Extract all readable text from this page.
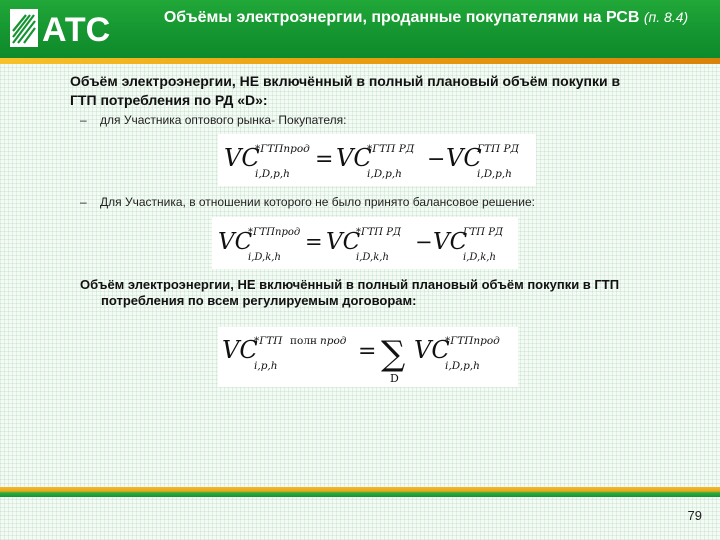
АТС	Объёмы электроэнергии, проданные покупателями на РСВ (п. 8.4)
Объём электроэнергии, НЕ включённый в полный плановый объём покупки в ГТП потребления по РД «D»:
– для Участника оптового рынка- Покупателя:
VC
*ГТПпрод
i,D,p,h
= VC
*ГТП РД
i,D,p,h
− VC
ГТП РД
i,D,p,h
– Для Участника, в отношении которого не было принято балансовое решение:
VC
*ГТПпрод
i,D,k,h
= VC
*ГТП РД
i,D,k,h
− VC
ГТП РД
i,D,k,h
Объём электроэнергии, НЕ включённый в полный плановый объём покупки в ГТП
потребления по всем регулируемым договорам:
VC
*ГТП полн прод
i,p,h
= ∑
D
VC
*ГТПпрод
i,D,p,h
79
